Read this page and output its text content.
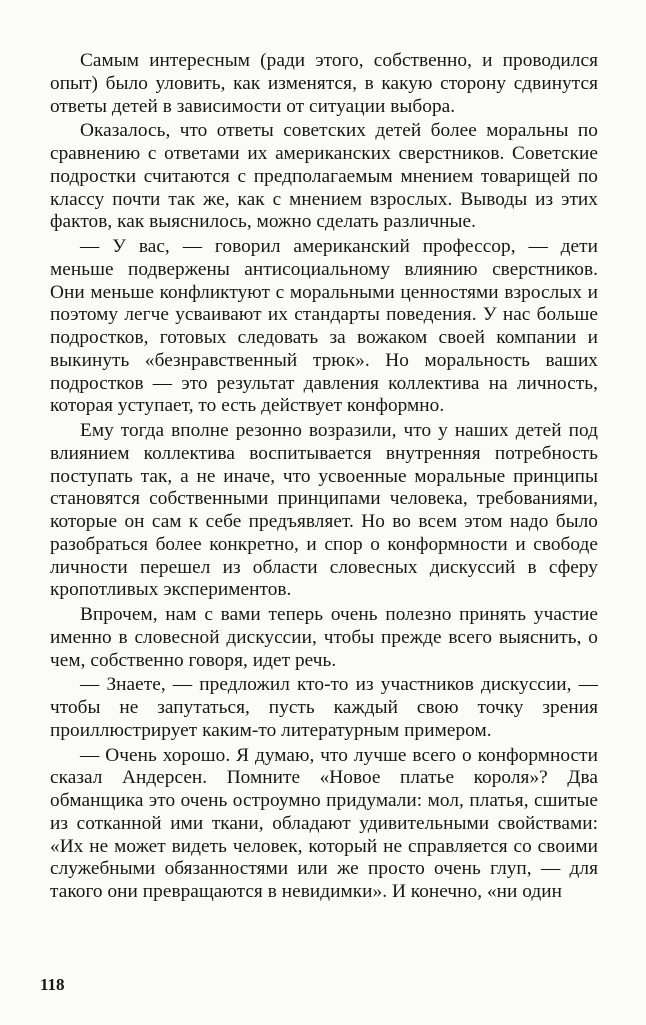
Самым интересным (ради этого, собственно, и проводился опыт) было уловить, как изменятся, в какую сторону сдвинутся ответы детей в зависимости от ситуации выбора.

Оказалось, что ответы советских детей более моральны по сравнению с ответами их американских сверстников. Советские подростки считаются с предполагаемым мнением товарищей по классу почти так же, как с мнением взрослых. Выводы из этих фактов, как выяснилось, можно сделать различные.

— У вас, — говорил американский профессор, — дети меньше подвержены антисоциальному влиянию сверстников. Они меньше конфликтуют с моральными ценностями взрослых и поэтому легче усваивают их стандарты поведения. У нас больше подростков, готовых следовать за вожаком своей компании и выкинуть «безнравственный трюк». Но моральность ваших подростков — это результат давления коллектива на личность, которая уступает, то есть действует конформно.

Ему тогда вполне резонно возразили, что у наших детей под влиянием коллектива воспитывается внутренняя потребность поступать так, а не иначе, что усвоенные моральные принципы становятся собственными принципами человека, требованиями, которые он сам к себе предъявляет. Но во всем этом надо было разобраться более конкретно, и спор о конформности и свободе личности перешел из области словесных дискуссий в сферу кропотливых экспериментов.

Впрочем, нам с вами теперь очень полезно принять участие именно в словесной дискуссии, чтобы прежде всего выяснить, о чем, собственно говоря, идет речь.

— Знаете, — предложил кто-то из участников дискуссии, — чтобы не запутаться, пусть каждый свою точку зрения проиллюстрирует каким-то литературным примером.

— Очень хорошо. Я думаю, что лучше всего о конформности сказал Андерсен. Помните «Новое платье короля»? Два обманщика это очень остроумно придумали: мол, платья, сшитые из сотканной ими ткани, обладают удивительными свойствами: «Их не может видеть человек, который не справляется со своими служебными обязанностями или же просто очень глуп, — для такого они превращаются в невидимки». И конечно, «ни один

118
